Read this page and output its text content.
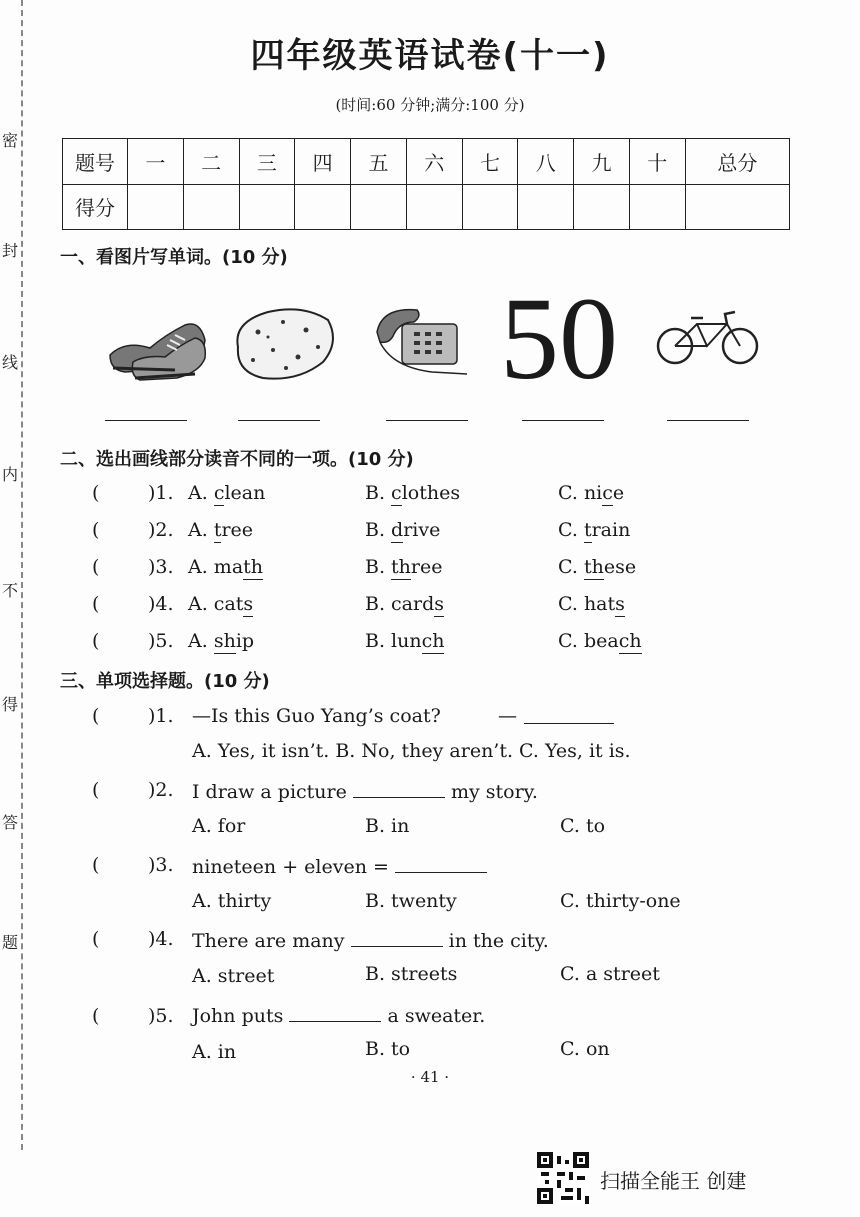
密
封
线
内
不
得
答
题
四年级英语试卷(十一)
(时间:60 分钟;满分:100 分)
题号	一	二	三	四	五	六	七	八	九	十	总分
得分											
一、看图片写单词。(10 分)
50
二、选出画线部分读音不同的一项。(10 分)
(	)1. A. clean	B. clothes	C. nice
(	)2. A. tree	B. drive	C. train
(	)3. A. math	B. three	C. these
(	)4. A. cats	B. cards	C. hats
(	)5. A. ship	B. lunch	C. beach
三、单项选择题。(10 分)
(	)1. —Is this Guo Yang’s coat?	—
A. Yes, it isn’t. B. No, they aren’t. C. Yes, it is.
(	)2. I draw a picture	my story.
A. for	B. in	C. to
(	)3. nineteen + eleven =
A. thirty	B. twenty	C. thirty-one
(	)4. There are many	in the city.
A. street	B. streets	C. a street
(	)5. John puts	a sweater.
A. in	B. to	C. on
· 41 ·
扫描全能王 创建
